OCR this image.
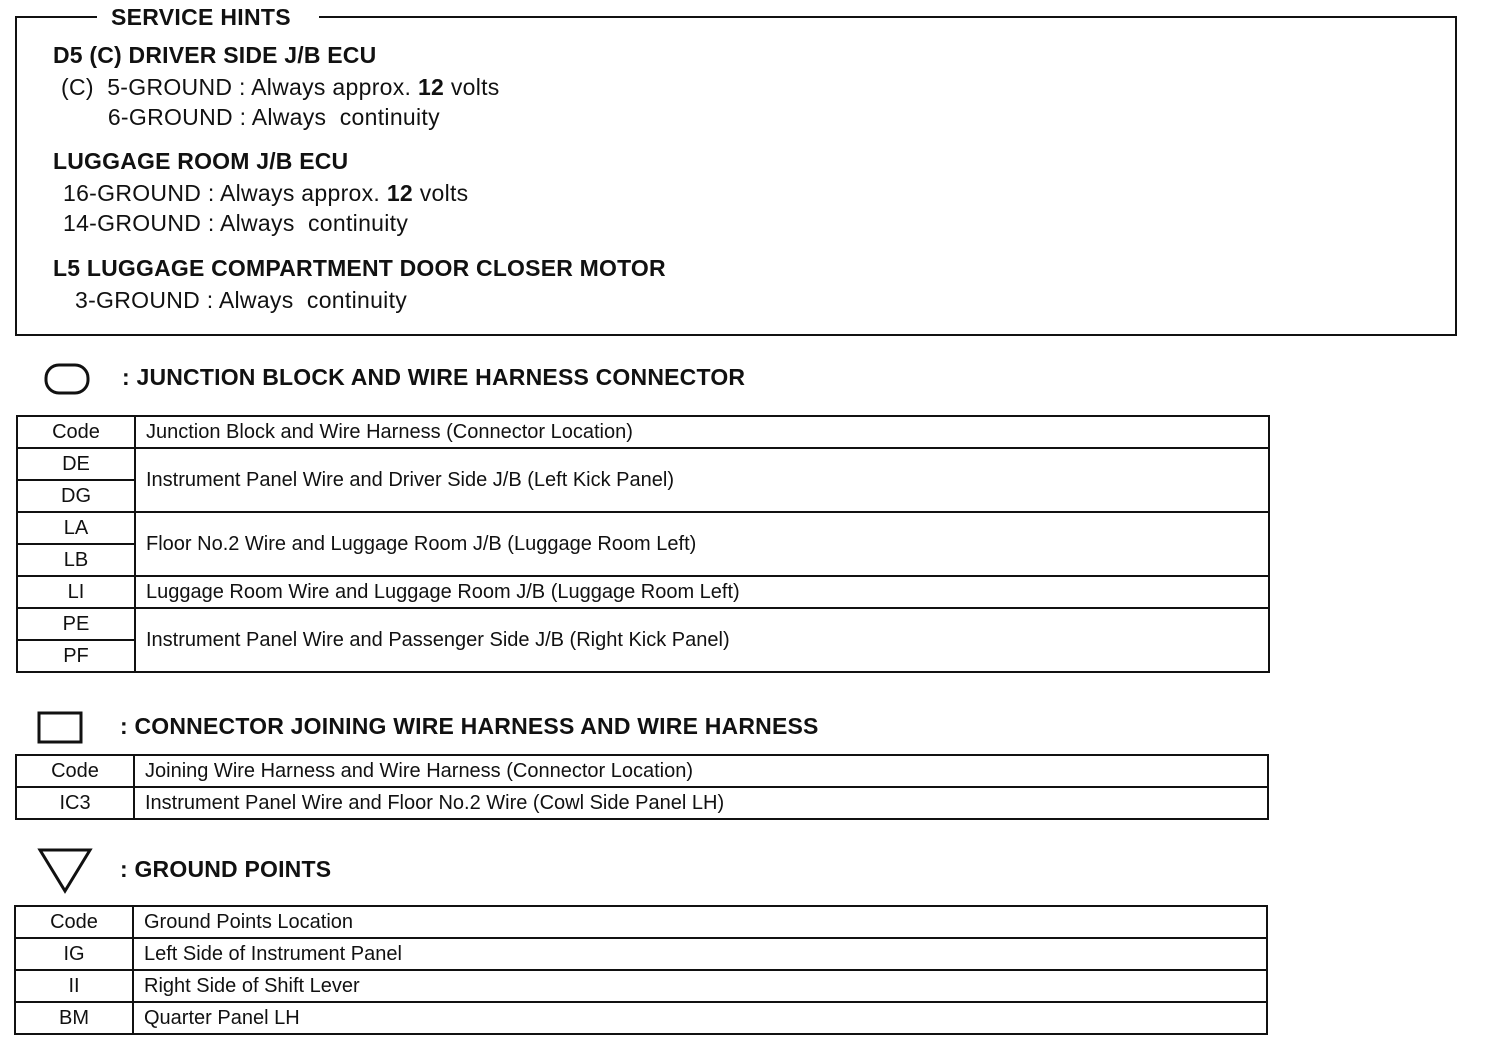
SERVICE HINTS
D5 (C) DRIVER SIDE J/B ECU
(C)  5-GROUND : Always approx. 12 volts
6-GROUND : Always  continuity
LUGGAGE ROOM J/B ECU
16-GROUND : Always approx. 12 volts
14-GROUND : Always  continuity
L5 LUGGAGE COMPARTMENT DOOR CLOSER MOTOR
3-GROUND : Always  continuity
: JUNCTION BLOCK AND WIRE HARNESS CONNECTOR
Code	Junction Block and Wire Harness (Connector Location)
DE	Instrument Panel Wire and Driver Side J/B (Left Kick Panel)
DG	
LA	Floor No.2 Wire and Luggage Room J/B (Luggage Room Left)
LB	
LI	Luggage Room Wire and Luggage Room J/B (Luggage Room Left)
PE	Instrument Panel Wire and Passenger Side J/B (Right Kick Panel)
PF	
: CONNECTOR JOINING WIRE HARNESS AND WIRE HARNESS
Code	Joining Wire Harness and Wire Harness (Connector Location)
IC3	Instrument Panel Wire and Floor No.2 Wire (Cowl Side Panel LH)
: GROUND POINTS
Code	Ground Points Location
IG	Left Side of Instrument Panel
II	Right Side of Shift Lever
BM	Quarter Panel LH
